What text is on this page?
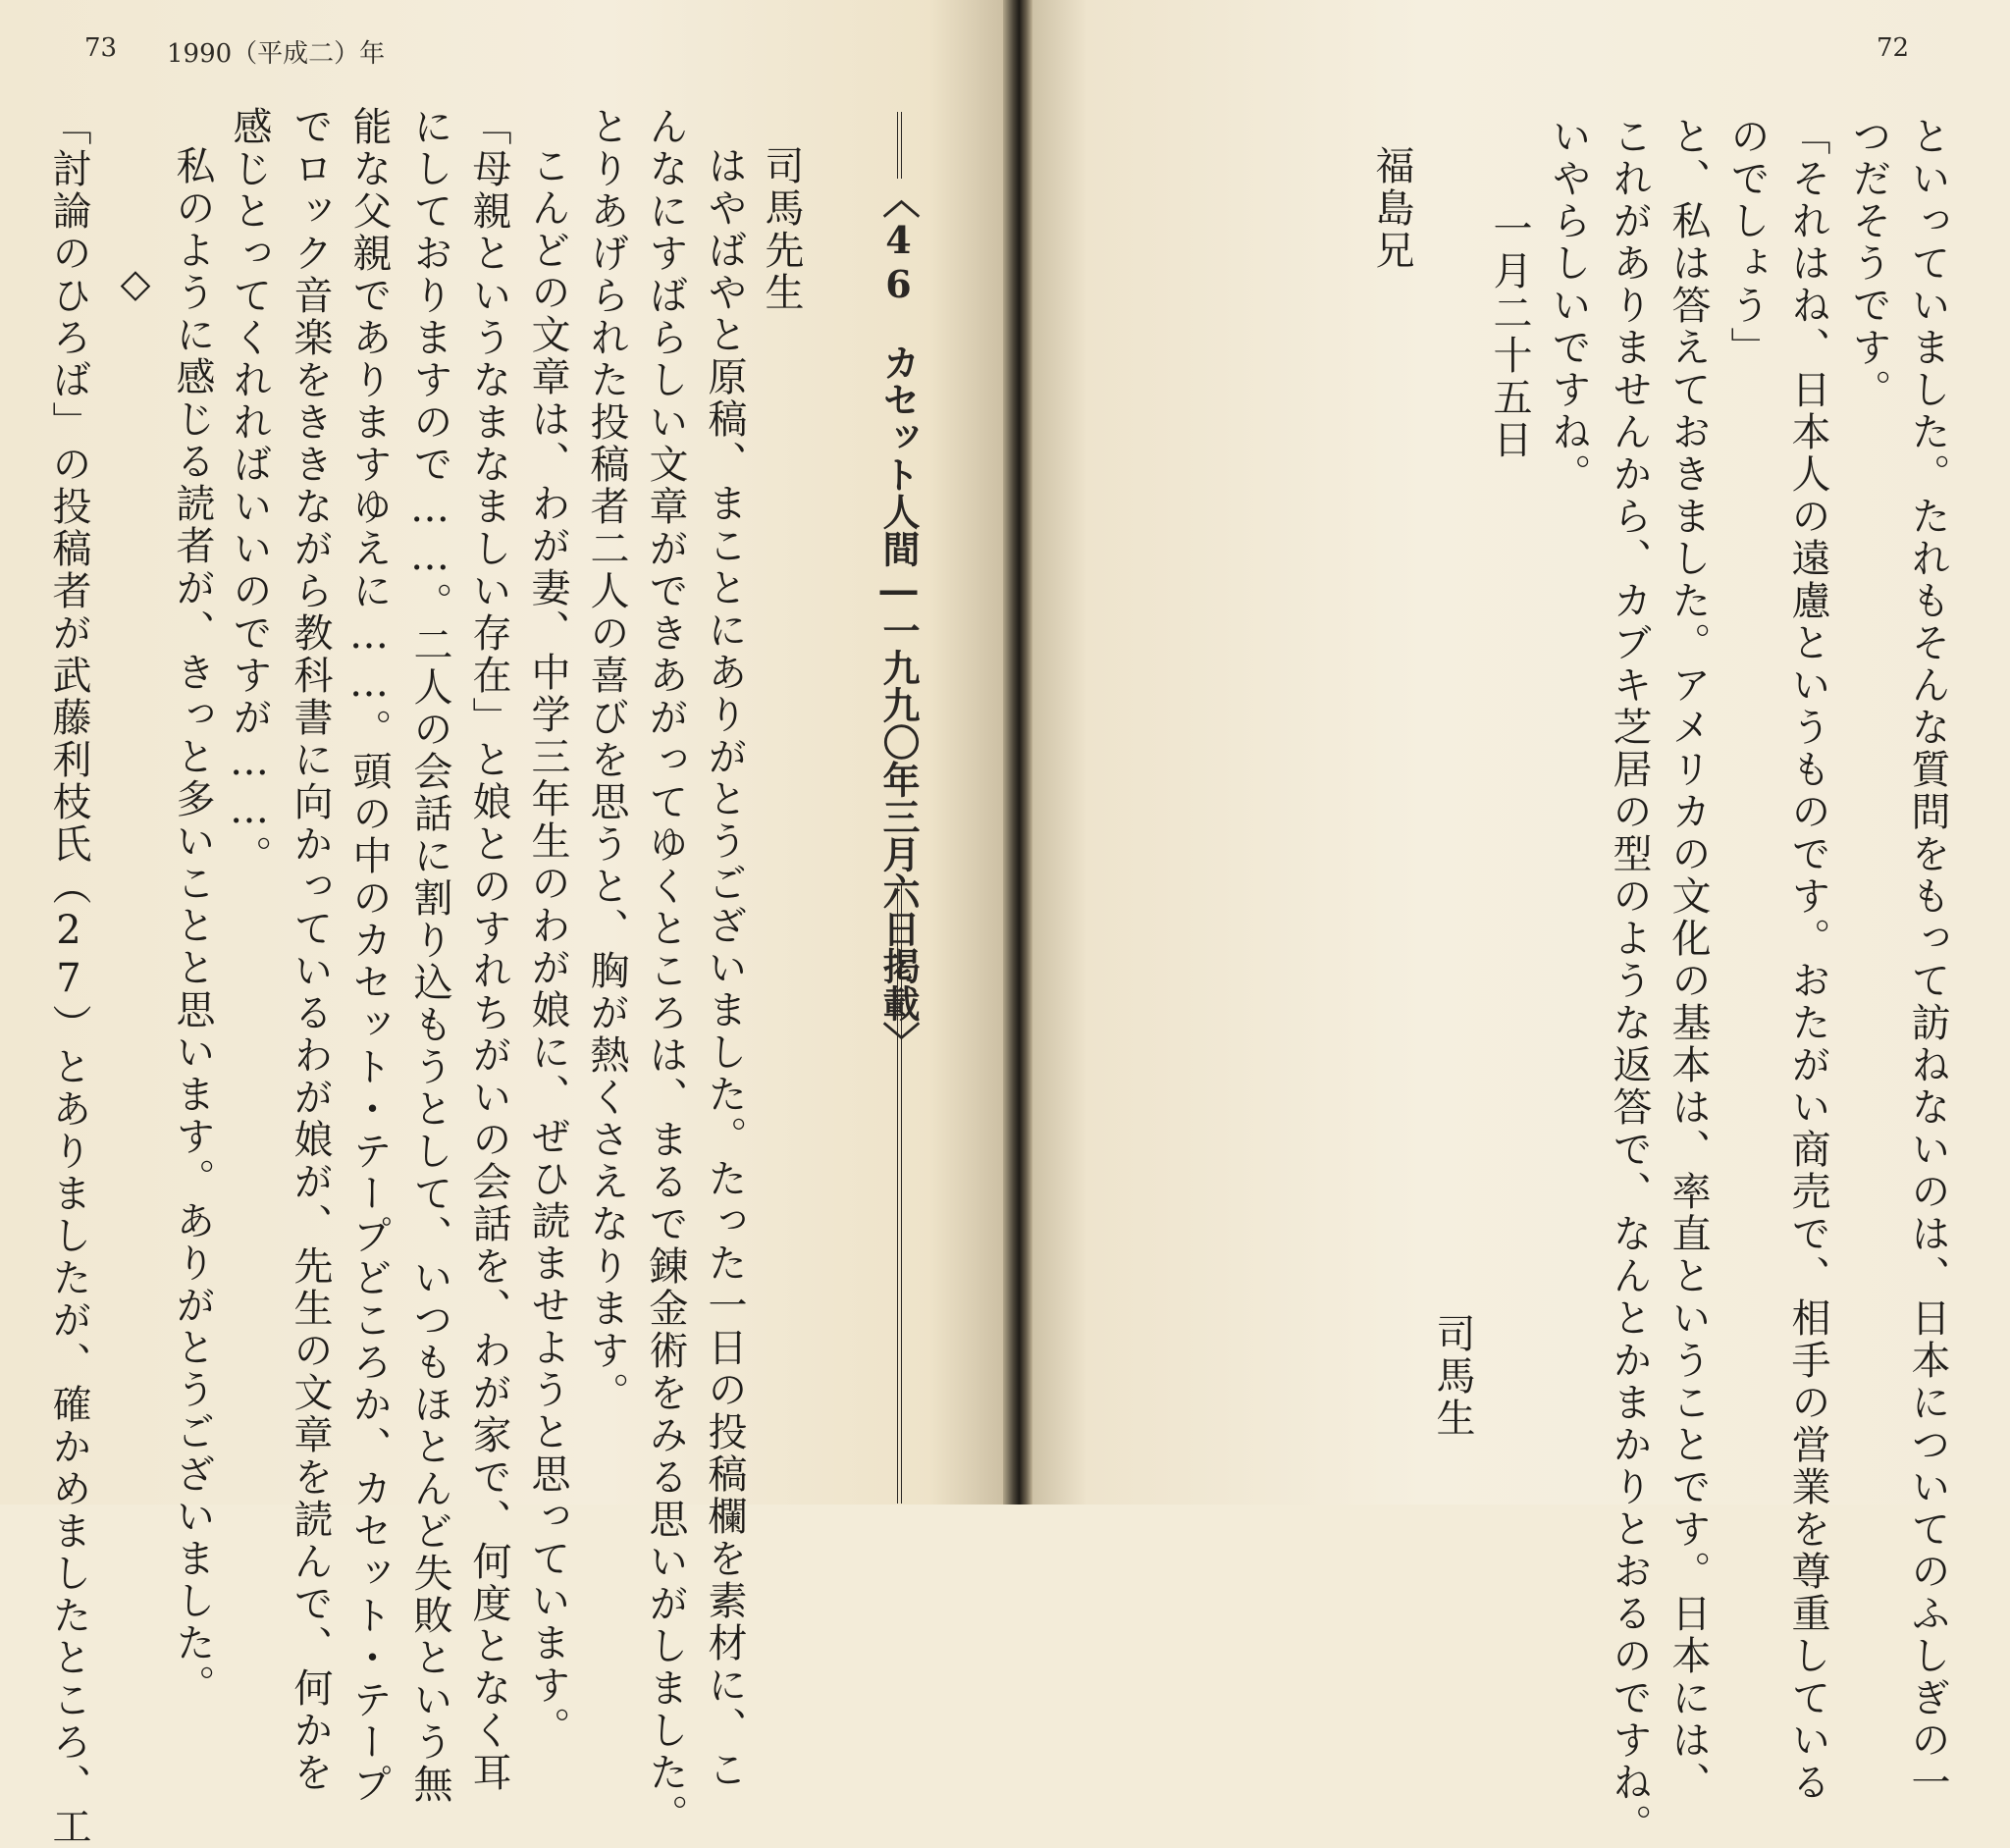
73 1990（平成二）年	72
といっていました。たれもそんな質問をもって訪ねないのは、日本についてのふしぎの一
つだそうです。
「それはね、日本人の遠慮というものです。おたがい商売で、相手の営業を尊重している
のでしょう」
と、私は答えておきました。アメリカの文化の基本は、率直ということです。日本には、
これがありませんから、カブキ芝居の型のような返答で、なんとかまかりとおるのですね。
いやらしいですね。
一月二十五日
司馬生
福島兄
〈46　カセット人間―一九九〇年三月六日掲載〉
司馬先生
はやばやと原稿、まことにありがとうございました。たった一日の投稿欄を素材に、こ
んなにすばらしい文章ができあがってゆくところは、まるで錬金術をみる思いがしました。
とりあげられた投稿者二人の喜びを思うと、胸が熱くさえなります。
こんどの文章は、わが妻、中学三年生のわが娘に、ぜひ読ませようと思っています。
「母親というなまなましい存在」と娘とのすれちがいの会話を、わが家で、何度となく耳
にしておりますので……。二人の会話に割り込もうとして、いつもほとんど失敗という無
能な父親でありますゆえに……。頭の中のカセット・テープどころか、カセット・テープ
でロック音楽をききながら教科書に向かっているわが娘が、先生の文章を読んで、何かを
感じとってくれればいいのですが……。
私のように感じる読者が、きっと多いことと思います。ありがとうございました。
◇
「討論のひろば」の投稿者が武藤利枝氏（27）とありましたが、確かめましたところ、工
